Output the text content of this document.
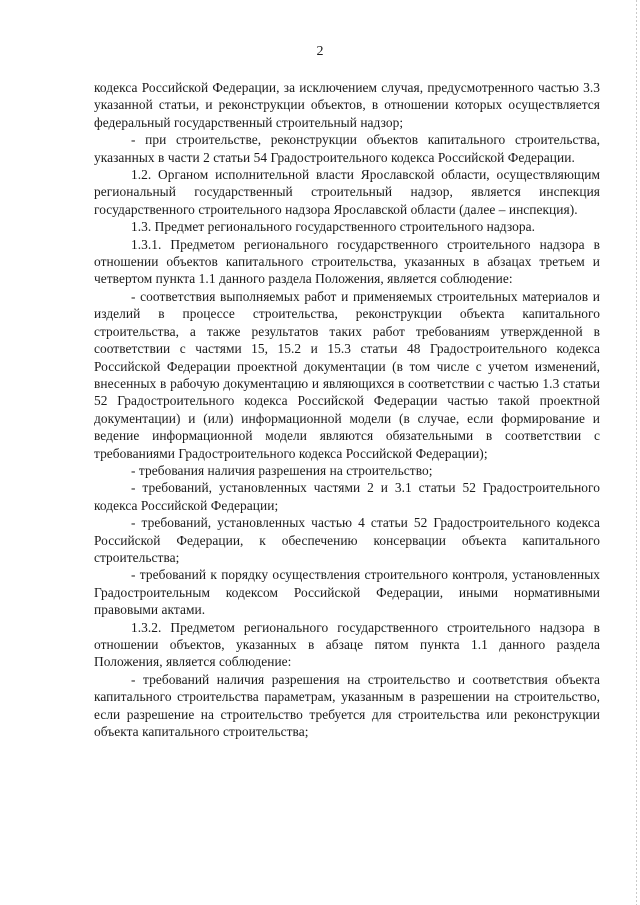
2

кодекса Российской Федерации, за исключением случая, предусмотренного частью 3.3 указанной статьи, и реконструкции объектов, в отношении которых осуществляется федеральный государственный строительный надзор;

- при строительстве, реконструкции объектов капитального строительства, указанных в части 2 статьи 54 Градостроительного кодекса Российской Федерации.

1.2. Органом исполнительной власти Ярославской области, осуществляющим региональный государственный строительный надзор, является инспекция государственного строительного надзора Ярославской области (далее – инспекция).

1.3. Предмет регионального государственного строительного надзора.

1.3.1. Предметом регионального государственного строительного надзора в отношении объектов капитального строительства, указанных в абзацах третьем и четвертом пункта 1.1 данного раздела Положения, является соблюдение:

- соответствия выполняемых работ и применяемых строительных материалов и изделий в процессе строительства, реконструкции объекта капитального строительства, а также результатов таких работ требованиям утвержденной в соответствии с частями 15, 15.2 и 15.3 статьи 48 Градостроительного кодекса Российской Федерации проектной документации (в том числе с учетом изменений, внесенных в рабочую документацию и являющихся в соответствии с частью 1.3 статьи 52 Градостроительного кодекса Российской Федерации частью такой проектной документации) и (или) информационной модели (в случае, если формирование и ведение информационной модели являются обязательными в соответствии с требованиями Градостроительного кодекса Российской Федерации);

- требования наличия разрешения на строительство;

- требований, установленных частями 2 и 3.1 статьи 52 Градостроительного кодекса Российской Федерации;

- требований, установленных частью 4 статьи 52 Градостроительного кодекса Российской Федерации, к обеспечению консервации объекта капитального строительства;

- требований к порядку осуществления строительного контроля, установленных Градостроительным кодексом Российской Федерации, иными нормативными правовыми актами.

1.3.2. Предметом регионального государственного строительного надзора в отношении объектов, указанных в абзаце пятом пункта 1.1 данного раздела Положения, является соблюдение:

- требований наличия разрешения на строительство и соответствия объекта капитального строительства параметрам, указанным в разрешении на строительство, если разрешение на строительство требуется для строительства или реконструкции объекта капитального строительства;
